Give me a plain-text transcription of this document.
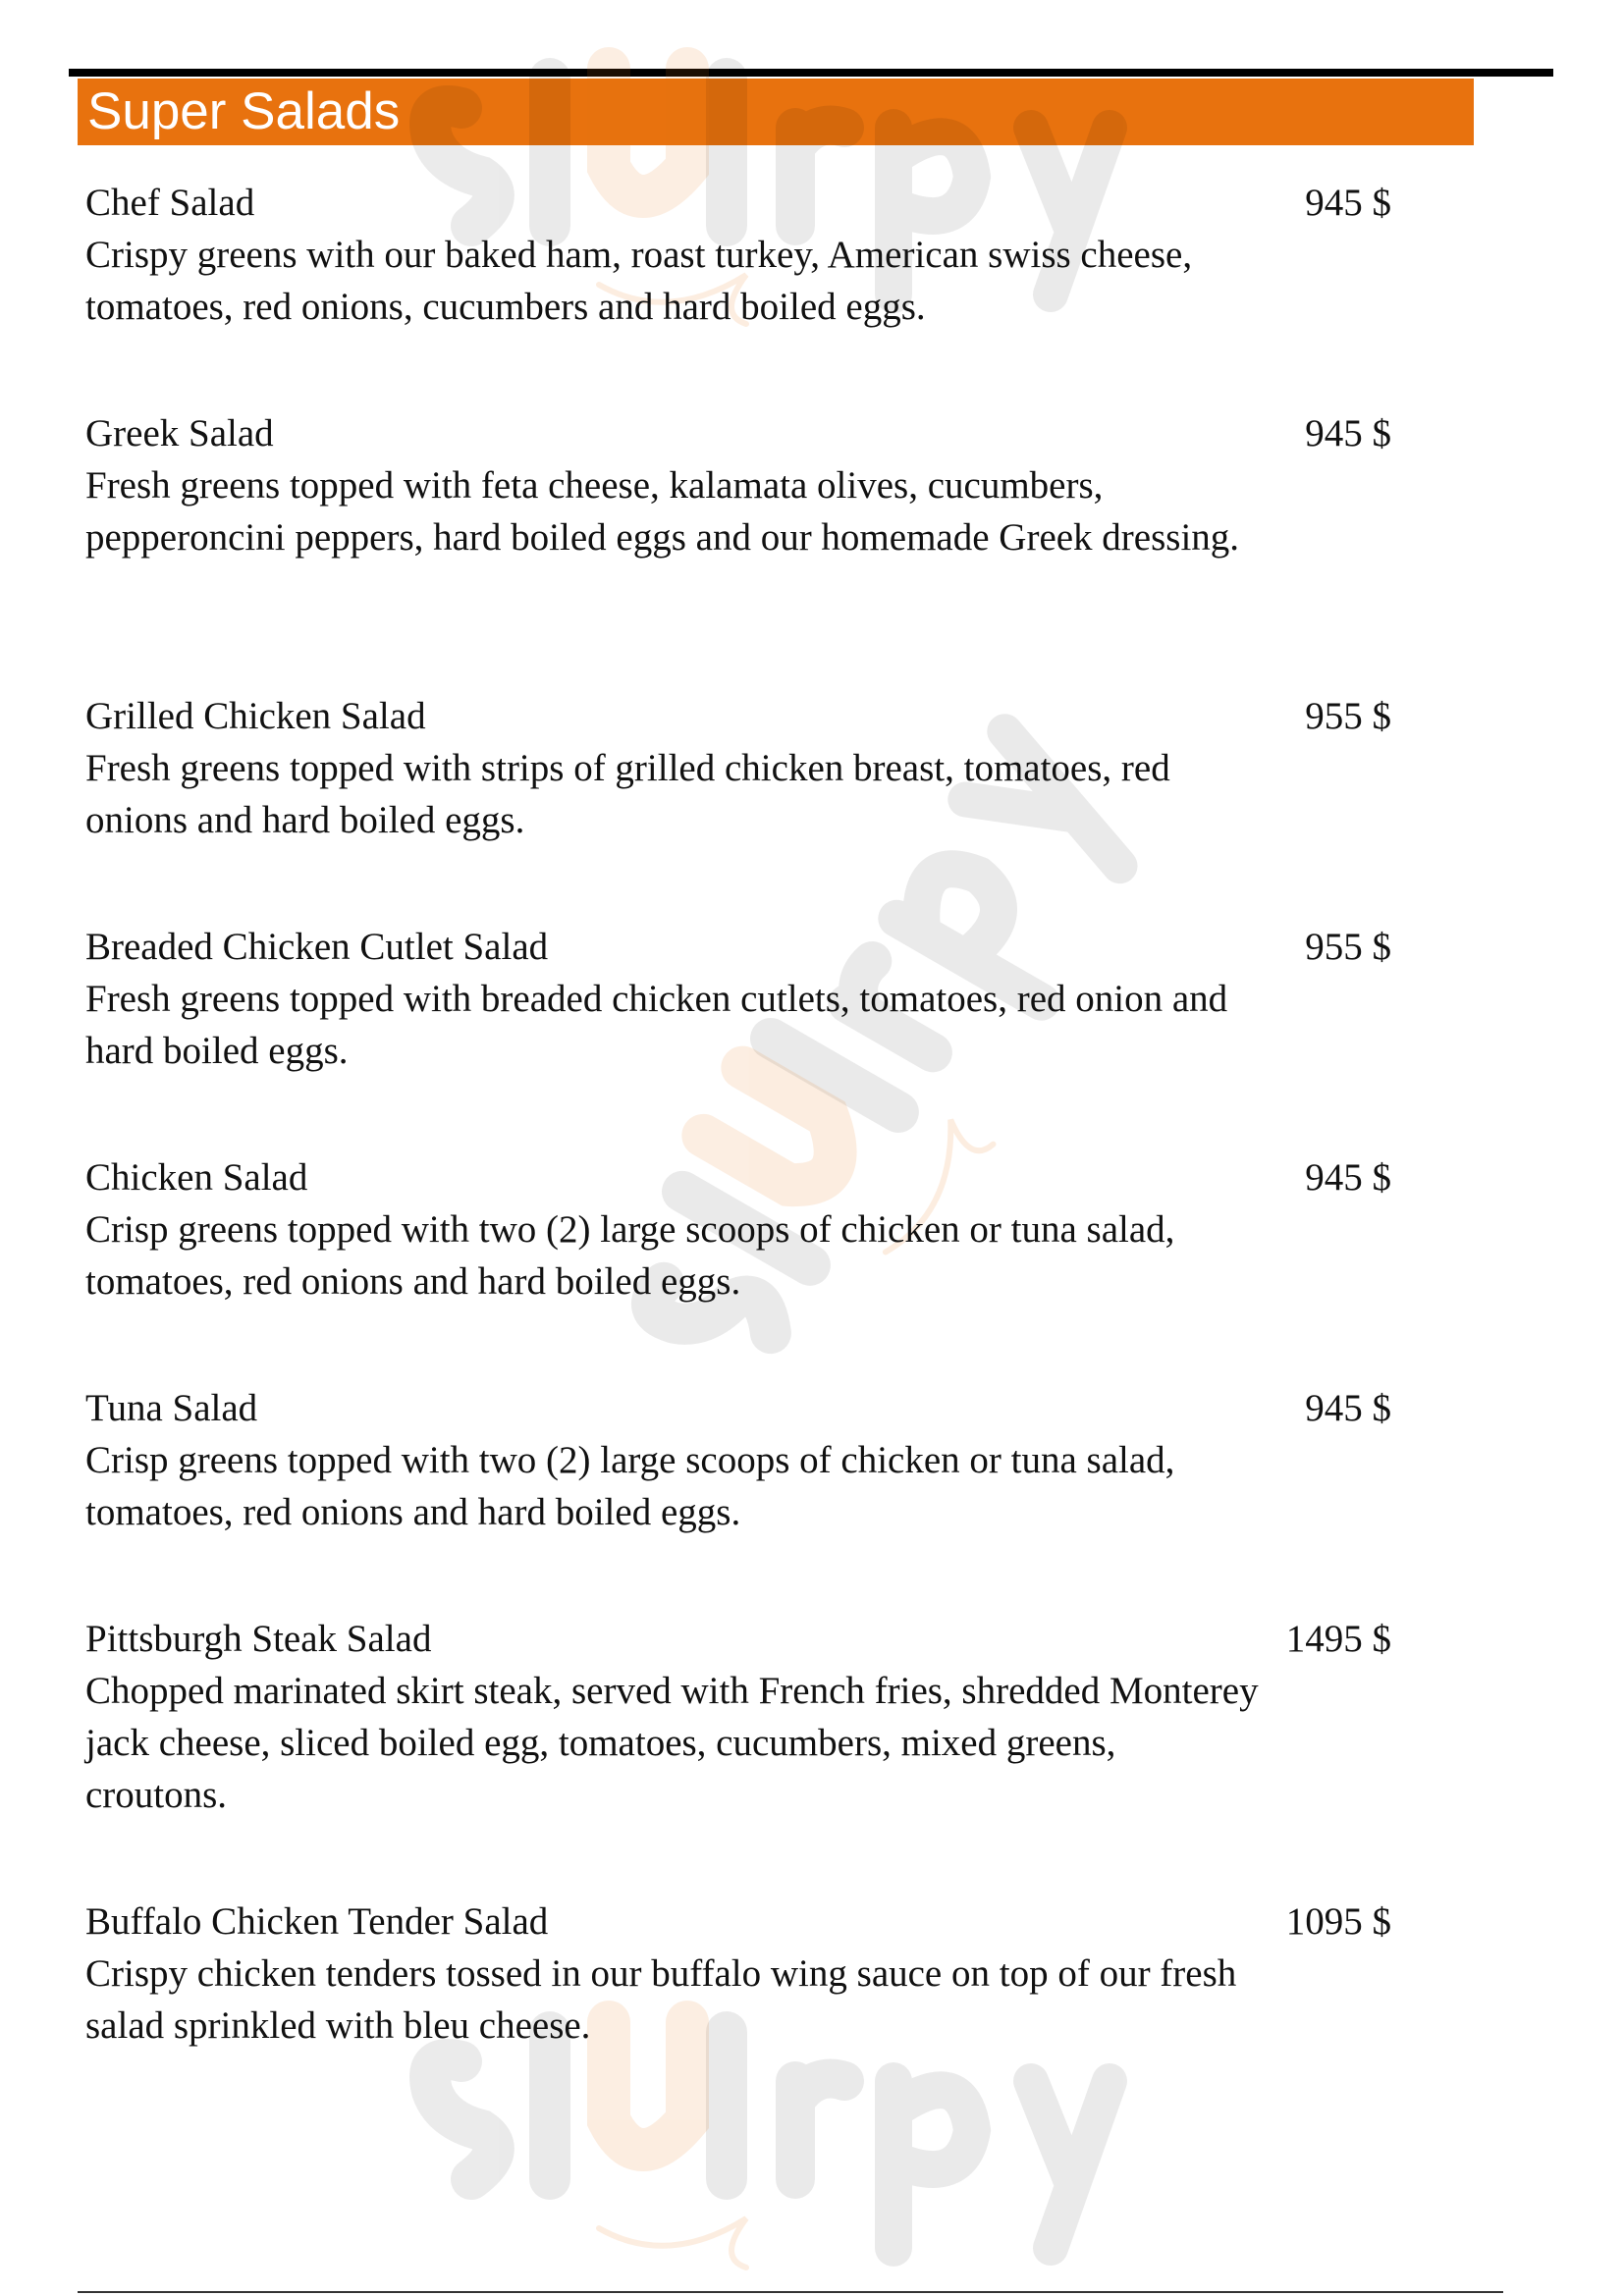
Super Salads
Chef Salad	945 $
Crispy greens with our baked ham, roast turkey, American swiss cheese, tomatoes, red onions, cucumbers and hard boiled eggs.
Greek Salad	945 $
Fresh greens topped with feta cheese, kalamata olives, cucumbers, pepperoncini peppers, hard boiled eggs and our homemade Greek dressing.
Grilled Chicken Salad	955 $
Fresh greens topped with strips of grilled chicken breast, tomatoes, red onions and hard boiled eggs.
Breaded Chicken Cutlet Salad	955 $
Fresh greens topped with breaded chicken cutlets, tomatoes, red onion and hard boiled eggs.
Chicken Salad	945 $
Crisp greens topped with two (2) large scoops of chicken or tuna salad, tomatoes, red onions and hard boiled eggs.
Tuna Salad	945 $
Crisp greens topped with two (2) large scoops of chicken or tuna salad, tomatoes, red onions and hard boiled eggs.
Pittsburgh Steak Salad	1495 $
Chopped marinated skirt steak, served with French fries, shredded Monterey jack cheese, sliced boiled egg, tomatoes, cucumbers, mixed greens, croutons.
Buffalo Chicken Tender Salad	1095 $
Crispy chicken tenders tossed in our buffalo wing sauce on top of our fresh salad sprinkled with bleu cheese.
